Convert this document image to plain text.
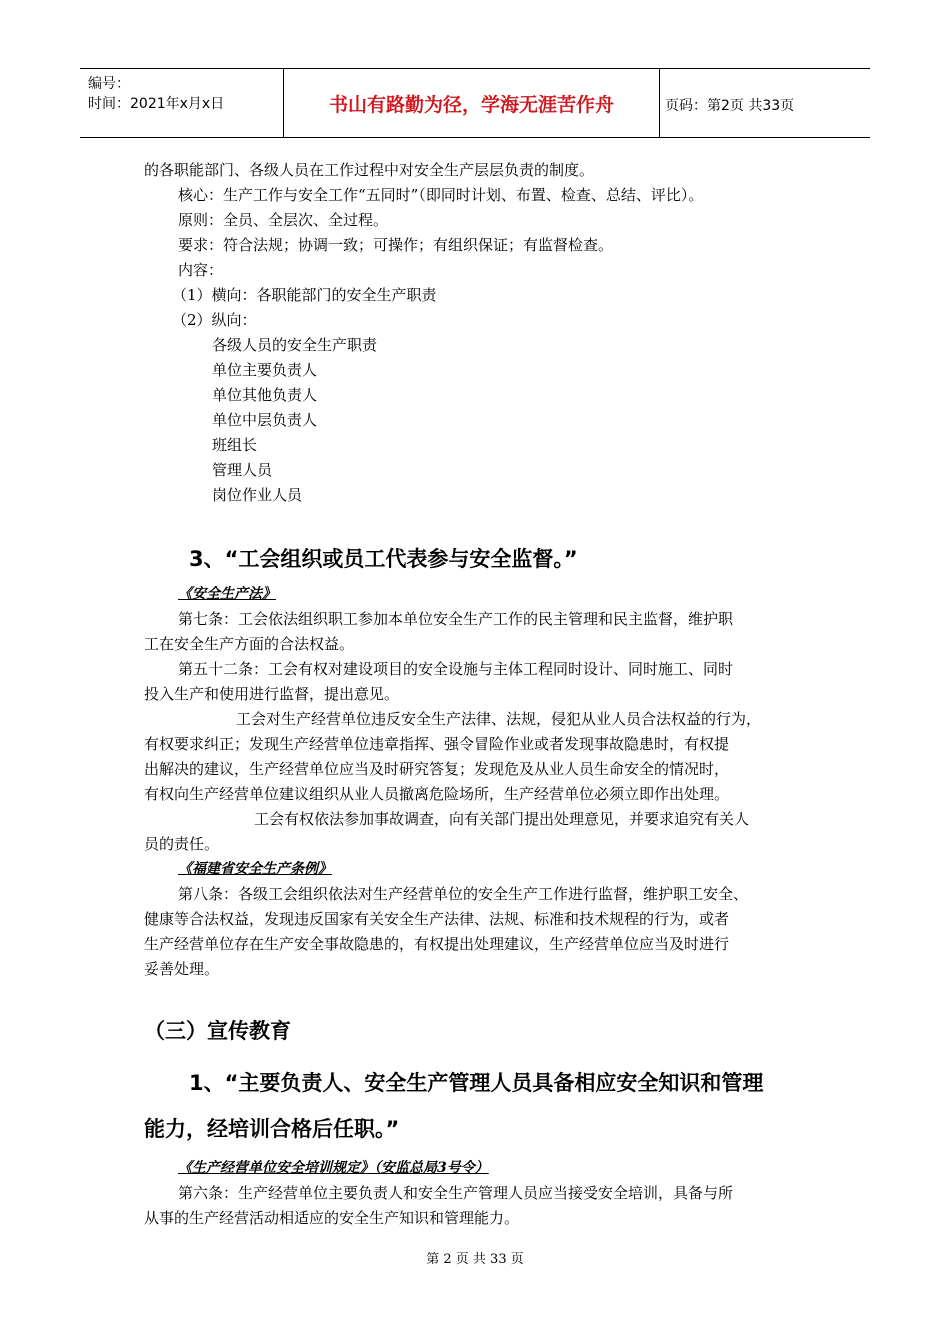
编号：
时间：2021年x月x日	书山有路勤为径，学海无涯苦作舟	页码：第2页 共33页
的各职能部门、各级人员在工作过程中对安全生产层层负责的制度。
核心：生产工作与安全工作“五同时”（即同时计划、布置、检查、总结、评比）。
原则：全员、全层次、全过程。
要求：符合法规；协调一致；可操作；有组织保证；有监督检查。
内容：
（1）横向：各职能部门的安全生产职责
（2）纵向：
各级人员的安全生产职责
单位主要负责人
单位其他负责人
单位中层负责人
班组长
管理人员
岗位作业人员
3、“工会组织或员工代表参与安全监督。”
《安全生产法》
第七条：工会依法组织职工参加本单位安全生产工作的民主管理和民主监督，维护职
工在安全生产方面的合法权益。
第五十二条：工会有权对建设项目的安全设施与主体工程同时设计、同时施工、同时
投入生产和使用进行监督，提出意见。
工会对生产经营单位违反安全生产法律、法规，侵犯从业人员合法权益的行为，
有权要求纠正；发现生产经营单位违章指挥、强令冒险作业或者发现事故隐患时，有权提
出解决的建议，生产经营单位应当及时研究答复；发现危及从业人员生命安全的情况时，
有权向生产经营单位建议组织从业人员撤离危险场所，生产经营单位必须立即作出处理。
工会有权依法参加事故调查，向有关部门提出处理意见，并要求追究有关人
员的责任。
《福建省安全生产条例》
第八条：各级工会组织依法对生产经营单位的安全生产工作进行监督，维护职工安全、
健康等合法权益，发现违反国家有关安全生产法律、法规、标准和技术规程的行为，或者
生产经营单位存在生产安全事故隐患的，有权提出处理建议，生产经营单位应当及时进行
妥善处理。
（三）宣传教育
1、“主要负责人、安全生产管理人员具备相应安全知识和管理
能力，经培训合格后任职。”
《生产经营单位安全培训规定》（安监总局3号令）
第六条：生产经营单位主要负责人和安全生产管理人员应当接受安全培训，具备与所
从事的生产经营活动相适应的安全生产知识和管理能力。
第 2 页 共 33 页
